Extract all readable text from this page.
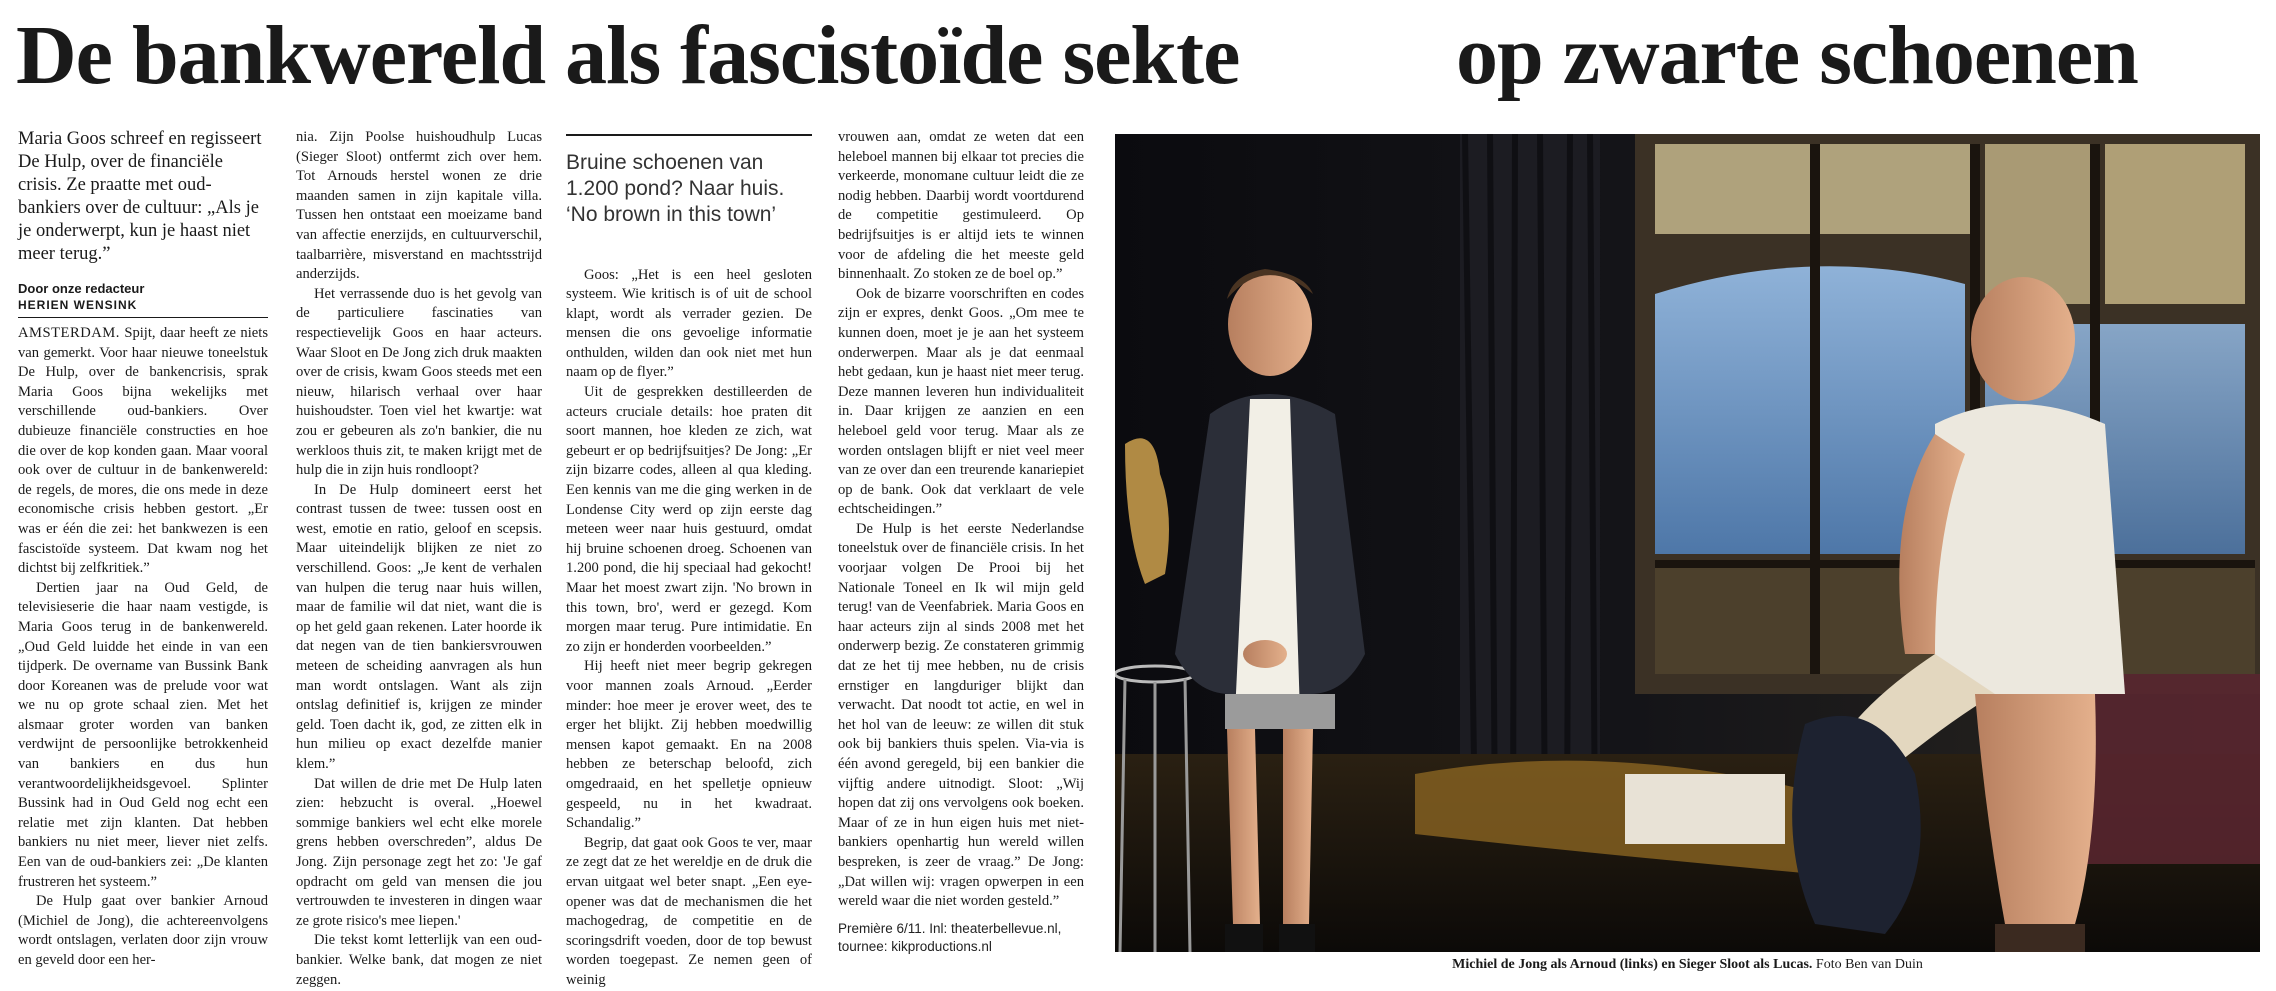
De bankwereld als fascistoïde sekte	op zwarte schoenen

Maria Goos schreef en regisseert De Hulp, over de financiële crisis. Ze praatte met oud-bankiers over de cultuur: „Als je je onderwerpt, kun je haast niet meer terug.”

Door onze redacteur

HERIEN WENSINK

AMSTERDAM. Spijt, daar heeft ze niets van gemerkt. Voor haar nieuwe toneelstuk De Hulp, over de bankencrisis, sprak Maria Goos bijna wekelijks met verschillende oud-bankiers. Over dubieuze financiële constructies en hoe die over de kop konden gaan. Maar vooral ook over de cultuur in de bankenwereld: de regels, de mores, die ons mede in deze economische crisis hebben gestort. „Er was er één die zei: het bankwezen is een fascistoïde systeem. Dat kwam nog het dichtst bij zelfkritiek.”

Dertien jaar na Oud Geld, de televisieserie die haar naam vestigde, is Maria Goos terug in de bankenwereld. „Oud Geld luidde het einde in van een tijdperk. De overname van Bussink Bank door Koreanen was de prelude voor wat we nu op grote schaal zien. Met het alsmaar groter worden van banken verdwijnt de persoonlijke betrokkenheid van bankiers en dus hun verantwoordelijkheidsgevoel. Splinter Bussink had in Oud Geld nog echt een relatie met zijn klanten. Dat hebben bankiers nu niet meer, liever niet zelfs. Een van de oud-bankiers zei: „De klanten frustreren het systeem.”

De Hulp gaat over bankier Arnoud (Michiel de Jong), die achtereenvolgens wordt ontslagen, verlaten door zijn vrouw en geveld door een her-

nia. Zijn Poolse huishoudhulp Lucas (Sieger Sloot) ontfermt zich over hem. Tot Arnouds herstel wonen ze drie maanden samen in zijn kapitale villa. Tussen hen ontstaat een moeizame band van affectie enerzijds, en cultuurverschil, taalbarrière, misverstand en machtsstrijd anderzijds.

Het verrassende duo is het gevolg van de particuliere fascinaties van respectievelijk Goos en haar acteurs. Waar Sloot en De Jong zich druk maakten over de crisis, kwam Goos steeds met een nieuw, hilarisch verhaal over haar huishoudster. Toen viel het kwartje: wat zou er gebeuren als zo'n bankier, die nu werkloos thuis zit, te maken krijgt met de hulp die in zijn huis rondloopt?

In De Hulp domineert eerst het contrast tussen de twee: tussen oost en west, emotie en ratio, geloof en scepsis. Maar uiteindelijk blijken ze niet zo verschillend. Goos: „Je kent de verhalen van hulpen die terug naar huis willen, maar de familie wil dat niet, want die is op het geld gaan rekenen. Later hoorde ik dat negen van de tien bankiersvrouwen meteen de scheiding aanvragen als hun man wordt ontslagen. Want als zijn ontslag definitief is, krijgen ze minder geld. Toen dacht ik, god, ze zitten elk in hun milieu op exact dezelfde manier klem.”

Dat willen de drie met De Hulp laten zien: hebzucht is overal. „Hoewel sommige bankiers wel echt elke morele grens hebben overschreden”, aldus De Jong. Zijn personage zegt het zo: 'Je gaf opdracht om geld van mensen die jou vertrouwden te investeren in dingen waar ze grote risico's mee liepen.'

Die tekst komt letterlijk van een oud-bankier. Welke bank, dat mogen ze niet zeggen.

Bruine schoenen van 1.200 pond? Naar huis. ‘No brown in this town’

Goos: „Het is een heel gesloten systeem. Wie kritisch is of uit de school klapt, wordt als verrader gezien. De mensen die ons gevoelige informatie onthulden, wilden dan ook niet met hun naam op de flyer.”

Uit de gesprekken destilleerden de acteurs cruciale details: hoe praten dit soort mannen, hoe kleden ze zich, wat gebeurt er op bedrijfsuitjes? De Jong: „Er zijn bizarre codes, alleen al qua kleding. Een kennis van me die ging werken in de Londense City werd op zijn eerste dag meteen weer naar huis gestuurd, omdat hij bruine schoenen droeg. Schoenen van 1.200 pond, die hij speciaal had gekocht! Maar het moest zwart zijn. 'No brown in this town, bro', werd er gezegd. Kom morgen maar terug. Pure intimidatie. En zo zijn er honderden voorbeelden.”

Hij heeft niet meer begrip gekregen voor mannen zoals Arnoud. „Eerder minder: hoe meer je erover weet, des te erger het blijkt. Zij hebben moedwillig mensen kapot gemaakt. En na 2008 hebben ze beterschap beloofd, zich omgedraaid, en het spelletje opnieuw gespeeld, nu in het kwadraat. Schandalig.”

Begrip, dat gaat ook Goos te ver, maar ze zegt dat ze het wereldje en de druk die ervan uitgaat wel beter snapt. „Een eye-opener was dat de mechanismen die het machogedrag, de competitie en de scoringsdrift voeden, door de top bewust worden toegepast. Ze nemen geen of weinig

vrouwen aan, omdat ze weten dat een heleboel mannen bij elkaar tot precies die verkeerde, monomane cultuur leidt die ze nodig hebben. Daarbij wordt voortdurend de competitie gestimuleerd. Op bedrijfsuitjes is er altijd iets te winnen voor de afdeling die het meeste geld binnenhaalt. Zo stoken ze de boel op.”

Ook de bizarre voorschriften en codes zijn er expres, denkt Goos. „Om mee te kunnen doen, moet je je aan het systeem onderwerpen. Maar als je dat eenmaal hebt gedaan, kun je haast niet meer terug. Deze mannen leveren hun individualiteit in. Daar krijgen ze aanzien en een heleboel geld voor terug. Maar als ze worden ontslagen blijft er niet veel meer van ze over dan een treurende kanariepiet op de bank. Ook dat verklaart de vele echtscheidingen.”

De Hulp is het eerste Nederlandse toneelstuk over de financiële crisis. In het voorjaar volgen De Prooi bij het Nationale Toneel en Ik wil mijn geld terug! van de Veenfabriek. Maria Goos en haar acteurs zijn al sinds 2008 met het onderwerp bezig. Ze constateren grimmig dat ze het tij mee hebben, nu de crisis ernstiger en langduriger blijkt dan verwacht. Dat noodt tot actie, en wel in het hol van de leeuw: ze willen dit stuk ook bij bankiers thuis spelen. Via-via is één avond geregeld, bij een bankier die vijftig andere uitnodigt. Sloot: „Wij hopen dat zij ons vervolgens ook boeken. Maar of ze in hun eigen huis met niet-bankiers openhartig hun wereld willen bespreken, is zeer de vraag.” De Jong: „Dat willen wij: vragen opwerpen in een wereld waar die niet worden gesteld.”

Première 6/11. Inl: theaterbellevue.nl, tournee: kikproductions.nl

Michiel de Jong als Arnoud (links) en Sieger Sloot als Lucas. Foto Ben van Duin
